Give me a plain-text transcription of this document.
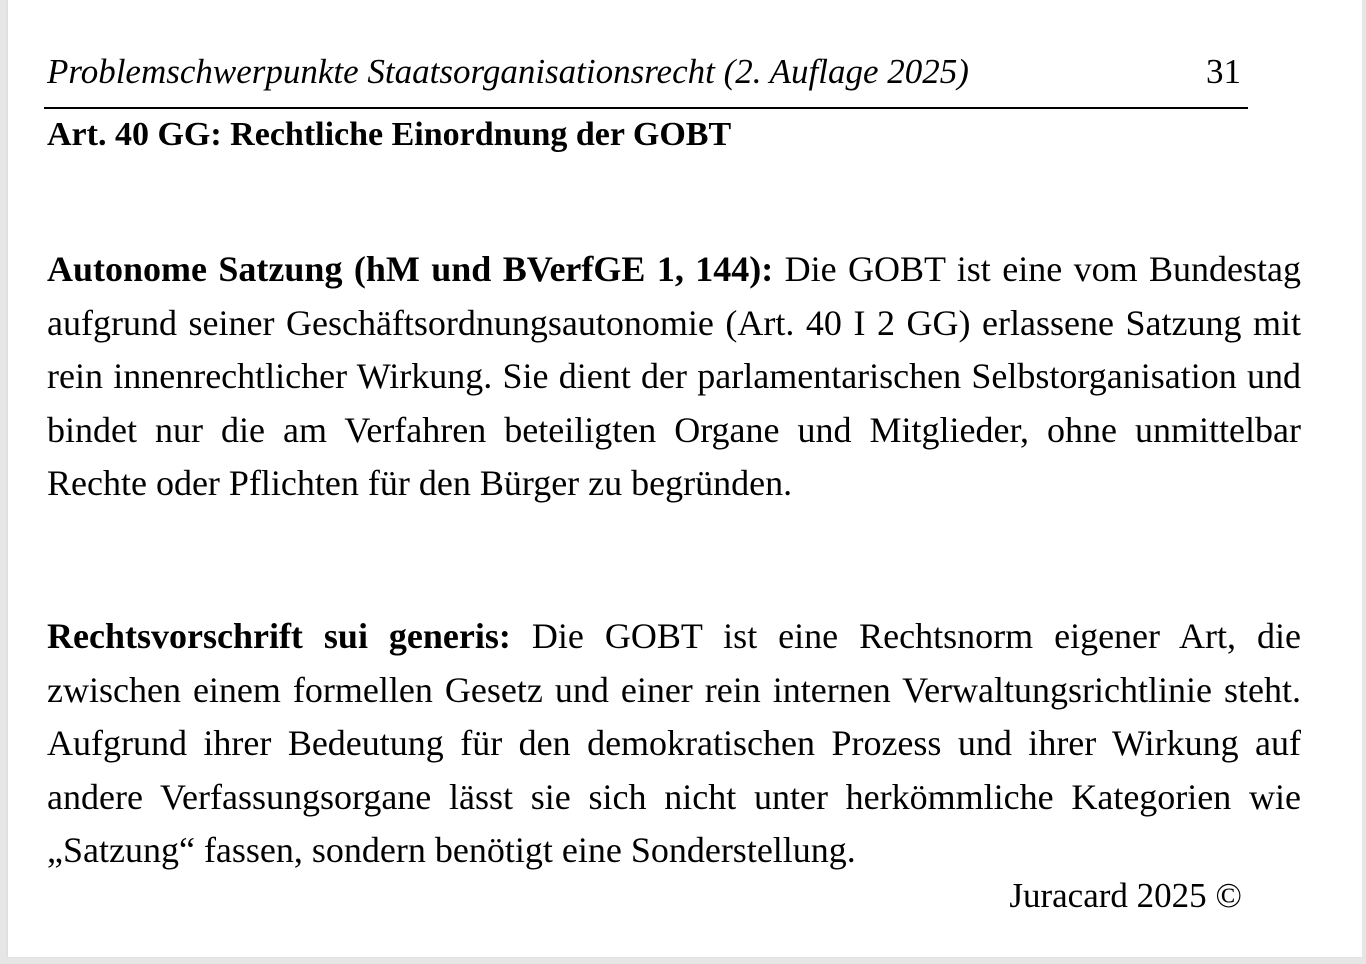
Problemschwerpunkte Staatsorganisationsrecht (2. Auflage 2025)	31
Art. 40 GG: Rechtliche Einordnung der GOBT

Autonome Satzung (hM und BVerfGE 1, 144): Die GOBT ist eine vom Bundestag aufgrund seiner Geschäftsordnungsautonomie (Art. 40 I 2 GG) erlassene Satzung mit rein innenrechtlicher Wirkung. Sie dient der parlamentarischen Selbstorganisation und bindet nur die am Verfahren beteiligten Organe und Mitglieder, ohne unmittelbar Rechte oder Pflichten für den Bürger zu begründen.

Rechtsvorschrift sui generis: Die GOBT ist eine Rechtsnorm eigener Art, die zwischen einem formellen Gesetz und einer rein internen Verwaltungsrichtlinie steht. Aufgrund ihrer Bedeutung für den demokratischen Prozess und ihrer Wirkung auf andere Verfassungsorgane lässt sie sich nicht unter herkömmliche Kategorien wie „Satzung“ fassen, sondern benötigt eine Sonderstellung.

Juracard 2025 ©
